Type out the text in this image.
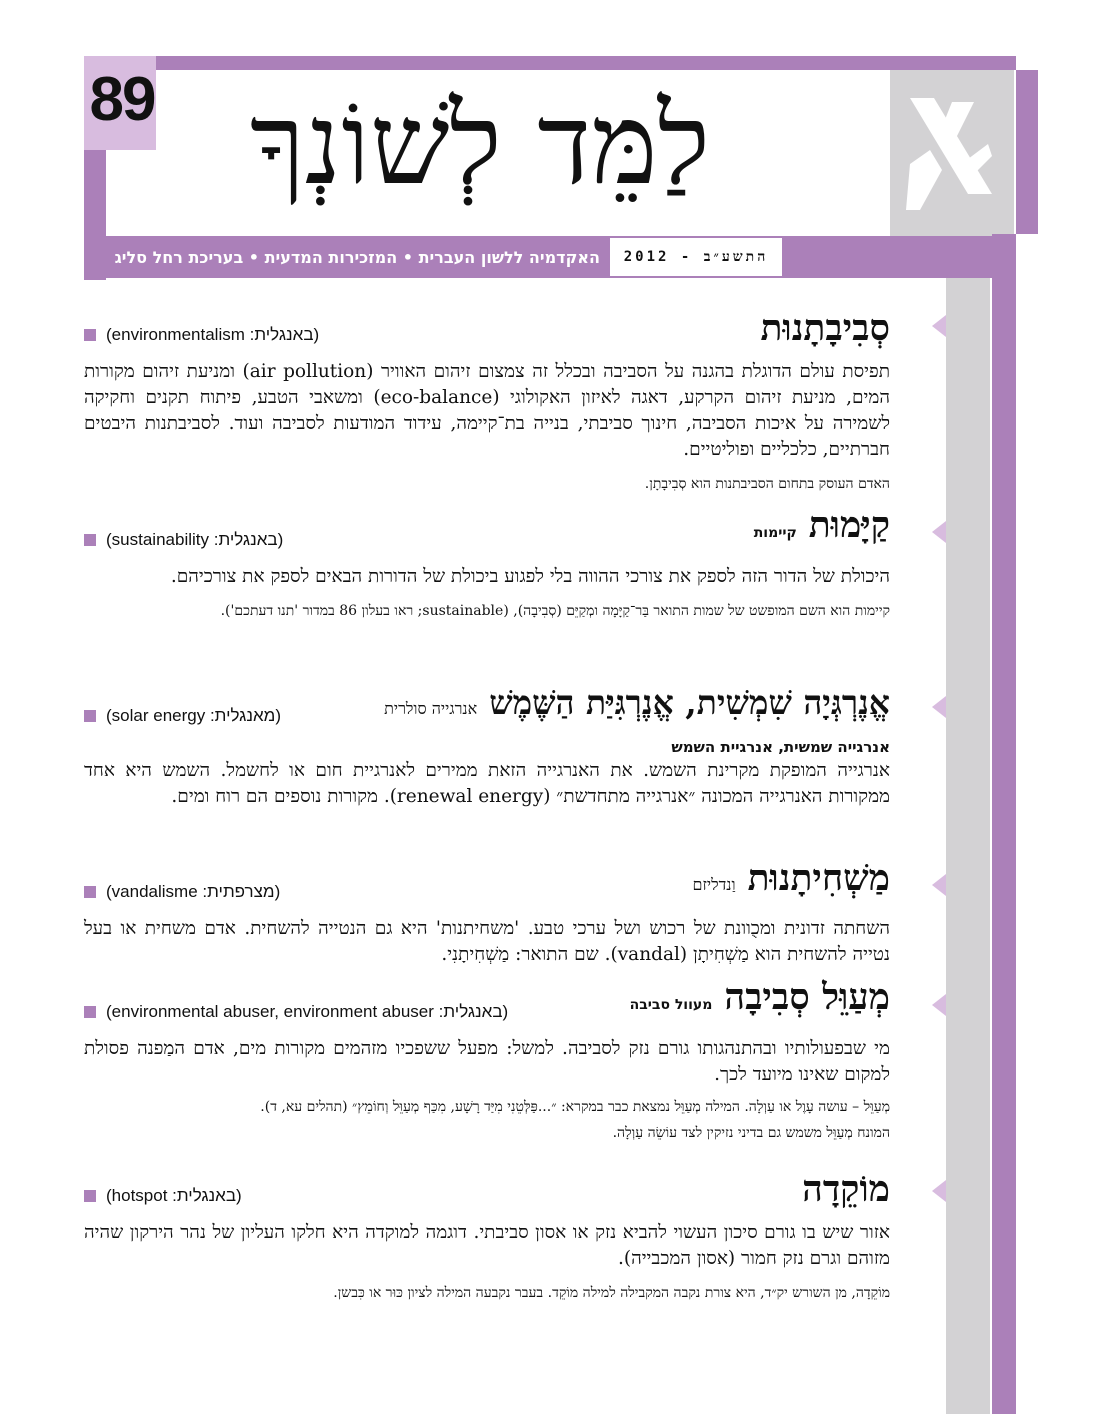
89 לַמֵּד לְשׁוֹנְךָ
האקדמיה ללשון העברית • המזכירות המדעית • בעריכת רחל סליג	התשע״ב - 2012
סְבִיבָתָנוּת
(באנגלית: environmentalism)

תפיסת עולם הדוגלת בהגנה על הסביבה ובכלל זה צמצום זיהום האוויר (air pollution) ומניעת זיהום מקורות המים, מניעת זיהום הקרקע, דאגה לאיזון האקולוגי (eco-balance) ומשאבי הטבע, פיתוח תקנים וחקיקה לשמירה על איכות הסביבה, חינוך סביבתי, בנייה בת־קיימה, עידוד המודעות לסביבה ועוד. לסביבתנות היבטים חברתיים, כלכליים ופוליטיים.

האדם העוסק בתחום הסביבתנות הוא סְבִיבָתָן.

קַיָּמוּתקיימות
(באנגלית: sustainability)

היכולת של הדור הזה לספק את צורכי ההווה בלי לפגוע ביכולת של הדורות הבאים לספק את צורכיהם.

קיימות הוא השם המופשט של שמות התואר בַּר־קַיָּמָה ומְקַיֵּם (סְבִיבָה), (sustainable; ראו בעלון 86 במדור 'תנו דעתכם').

אֱנֶרְגְּיָה שִׁמְשִׁית, אֱנֶרְגִּיַּת הַשֶּׁמֶשׁאנרגייה סולרית
(מאנגלית: solar energy)

אנרגייה שמשית, אנרגיית השמש

אנרגייה המופקת מקרינת השמש. את האנרגייה הזאת ממירים לאנרגיית חום או לחשמל. השמש היא אחד ממקורות האנרגייה המכונה ״אנרגייה מתחדשת״ (renewal energy). מקורות נוספים הם רוח ומים.

מַשְׁחִיתָנוּתוַנדליזם
(מצרפתית: vandalisme)

השחתה זדונית ומכֻוונת של רכוש ושל ערכי טבע. 'משחיתנות' היא גם הנטייה להשחית. אדם משחית או בעל נטייה להשחית הוא מַשְׁחִיתָן (vandal). שם התואר: מַשְׁחִיתָנִי.

מְעַוֵּל סְבִיבָהמעוול סביבה
(באנגלית: environmental abuser, environment abuser)

מי שבפעולותיו ובהתנהגותו גורם נזק לסביבה. למשל: מפעל ששפכיו מזהמים מקורות מים, אדם המַפנה פסולת למקום שאינו מיועד לכך.

מְעַוֵּל – עושה עָוֶל או עַוְלָה. המילה מְעַוֵּל נמצאת כבר במקרא: ״...פַּלְּטֵנִי מִיַּד רָשָׁע, מִכַּף מְעַוֵּל וְחוֹמֵץ״ (תהלים עא, ד).

המונח מְעַוֵּל משמש גם בדיני נזיקין לצד עוֹשֵׂה עַוְלָה.

מוֹקֵדָה
(באנגלית: hotspot)

אזור שיש בו גורם סיכון העשוי להביא נזק או אסון סביבתי. דוגמה למוקדה היא חלקו העליון של נהר הירקון שהיה מזוהם וגרם נזק חמור (אסון המכבייה).

מוֹקֵדָה, מן השורש יק״ד, היא צורת נקבה המקבילה למילה מוֹקֵד. בעבר נקבעה המילה לציון כּוּר או כִּבשן.
